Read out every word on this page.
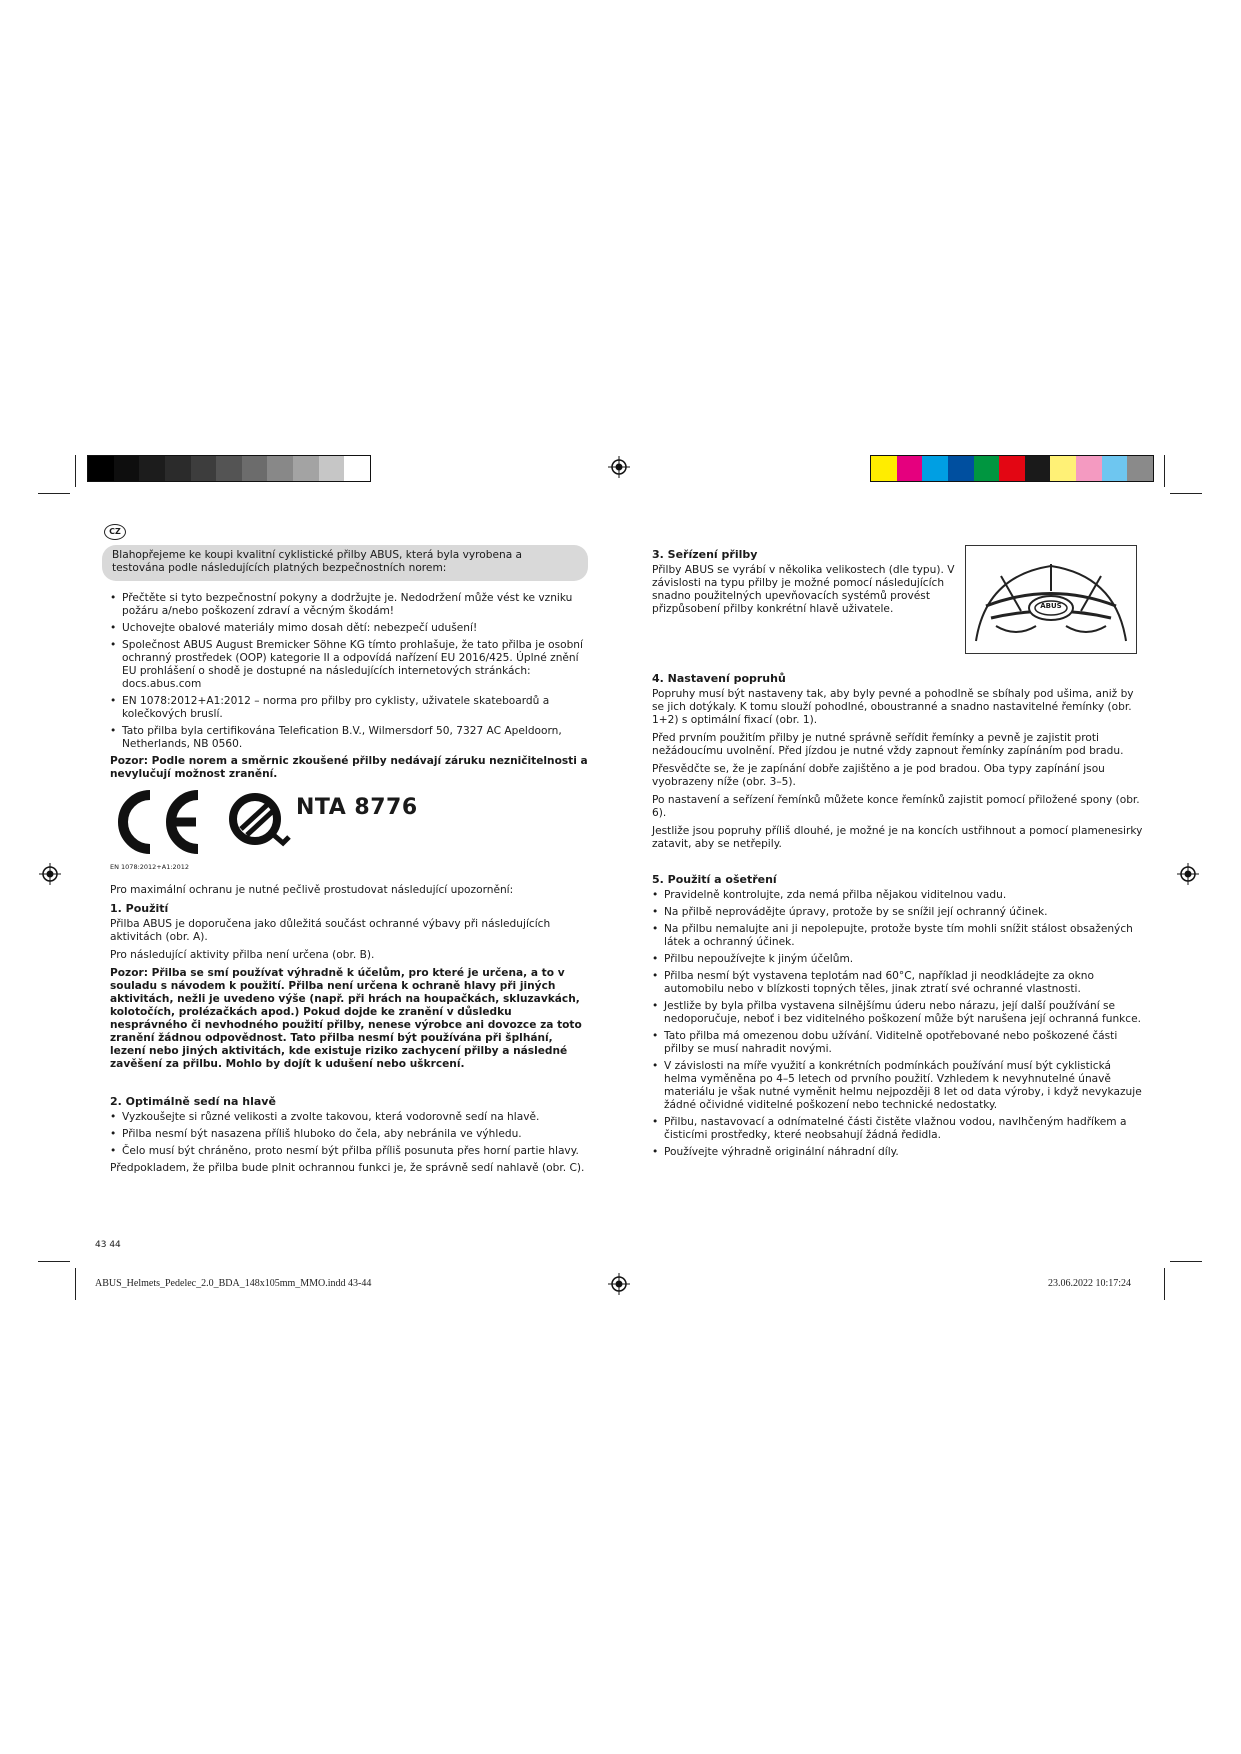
CZ
Blahopřejeme ke koupi kvalitní cyklistické přilby ABUS, která byla vyrobena a testována podle následujících platných bezpečnostních norem:
• Přečtěte si tyto bezpečnostní pokyny a dodržujte je. Nedodržení může vést ke vzniku požáru a/nebo poškození zdraví a věcným škodám!
• Uchovejte obalové materiály mimo dosah dětí: nebezpečí udušení!
• Společnost ABUS August Bremicker Söhne KG tímto prohlašuje, že tato přilba je osobní ochranný prostředek (OOP) kategorie II a odpovídá nařízení EU 2016/425. Úplné znění EU prohlášení o shodě je dostupné na následujících internetových stránkách: docs.abus.com
• EN 1078:2012+A1:2012 – norma pro přilby pro cyklisty, uživatele skateboardů a kolečkových bruslí.
• Tato přilba byla certifikována Telefication B.V., Wilmersdorf 50, 7327 AC Apeldoorn, Netherlands, NB 0560.

Pozor: Podle norem a směrnic zkoušené přilby nedávají záruku nezničitelnosti a nevylučují možnost zranění.

NTA 8776
EN 1078:2012+A1:2012

Pro maximální ochranu je nutné pečlivě prostudovat následující upozornění:

1. Použití

Přilba ABUS je doporučena jako důležitá součást ochranné výbavy při následujících aktivitách (obr. A).

Pro následující aktivity přilba není určena (obr. B).

Pozor: Přilba se smí používat výhradně k účelům, pro které je určena, a to v souladu s návodem k použití. Přilba není určena k ochraně hlavy při jiných aktivitách, nežli je uvedeno výše (např. při hrách na houpačkách, skluzavkách, kolotočích, prolézačkách apod.) Pokud dojde ke zranění v důsledku nesprávného či nevhodného použití přilby, nenese výrobce ani dovozce za toto zranění žádnou odpovědnost. Tato přilba nesmí být používána při šplhání, lezení nebo jiných aktivitách, kde existuje riziko zachycení přilby a následné zavěšení za přilbu. Mohlo by dojít k udušení nebo uškrcení.

2. Optimálně sedí na hlavě
• Vyzkoušejte si různé velikosti a zvolte takovou, která vodorovně sedí na hlavě.
• Přilba nesmí být nasazena příliš hluboko do čela, aby nebránila ve výhledu.
• Čelo musí být chráněno, proto nesmí být přilba příliš posunuta přes horní partie hlavy.

Předpokladem, že přilba bude plnit ochrannou funkci je, že správně sedí nahlavě (obr. C).

3. Seřízení přilby

Přilby ABUS se vyrábí v několika velikostech (dle typu). V závislosti na typu přilby je možné pomocí následujících snadno použitelných upevňovacích systémů provést přizpůsobení přilby konkrétní hlavě uživatele.	ABUS
4. Nastavení popruhů

Popruhy musí být nastaveny tak, aby byly pevné a pohodlně se sbíhaly pod ušima, aniž by se jich dotýkaly. K tomu slouží pohodlné, oboustranné a snadno nastavitelné řemínky (obr. 1+2) s optimální fixací (obr. 1).

Před prvním použitím přilby je nutné správně seřídit řemínky a pevně je zajistit proti nežádoucímu uvolnění. Před jízdou je nutné vždy zapnout řemínky zapínáním pod bradu.

Přesvědčte se, že je zapínání dobře zajištěno a je pod bradou. Oba typy zapínání jsou vyobrazeny níže (obr. 3–5).

Po nastavení a seřízení řemínků můžete konce řemínků zajistit pomocí přiložené spony (obr. 6).

Jestliže jsou popruhy příliš dlouhé, je možné je na koncích ustřihnout a pomocí plamenesirky zatavit, aby se netřepily.

5. Použití a ošetření
• Pravidelně kontrolujte, zda nemá přilba nějakou viditelnou vadu.
• Na přilbě neprovádějte úpravy, protože by se snížil její ochranný účinek.
• Na přilbu nemalujte ani ji nepolepujte, protože byste tím mohli snížit stálost obsažených látek a ochranný účinek.
• Přilbu nepoužívejte k jiným účelům.
• Přilba nesmí být vystavena teplotám nad 60°C, například ji neodkládejte za okno automobilu nebo v blízkosti topných těles, jinak ztratí své ochranné vlastnosti.
• Jestliže by byla přilba vystavena silnějšímu úderu nebo nárazu, její další používání se nedoporučuje, neboť i bez viditelného poškození může být narušena její ochranná funkce.
• Tato přilba má omezenou dobu užívání. Viditelně opotřebované nebo poškozené části přilby se musí nahradit novými.
• V závislosti na míře využití a konkrétních podmínkách používání musí být cyklistická helma vyměněna po 4–5 letech od prvního použití. Vzhledem k nevyhnutelné únavě materiálu je však nutné vyměnit helmu nejpozději 8 let od data výroby, i když nevykazuje žádné očividné viditelné poškození nebo technické nedostatky.
• Přilbu, nastavovací a odnímatelné části čistěte vlažnou vodou, navlhčeným hadříkem a čisticími prostředky, které neobsahují žádná ředidla.
• Používejte výhradně originální náhradní díly.
43 44
ABUS_Helmets_Pedelec_2.0_BDA_148x105mm_MMO.indd 43-44	23.06.2022 10:17:24
